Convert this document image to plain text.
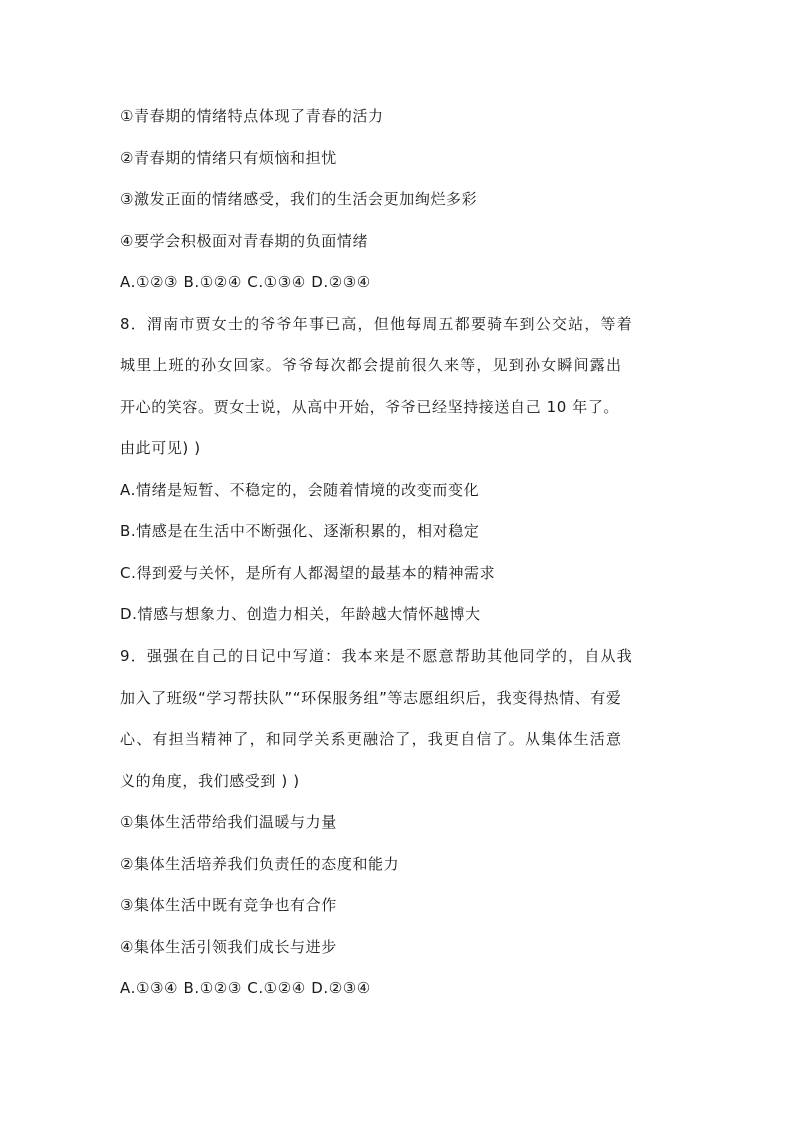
①青春期的情绪特点体现了青春的活力
②青春期的情绪只有烦恼和担忧
③激发正面的情绪感受，我们的生活会更加绚烂多彩
④要学会积极面对青春期的负面情绪
A.①②③ B.①②④ C.①③④ D.②③④
8．渭南市贾女士的爷爷年事已高，但他每周五都要骑车到公交站，等着
城里上班的孙女回家。爷爷每次都会提前很久来等，见到孙女瞬间露出
开心的笑容。贾女士说，从高中开始，爷爷已经坚持接送自己 10 年了。
由此可见) )
A.情绪是短暂、不稳定的，会随着情境的改变而变化
B.情感是在生活中不断强化、逐渐积累的，相对稳定
C.得到爱与关怀，是所有人都渴望的最基本的精神需求
D.情感与想象力、创造力相关，年龄越大情怀越博大
9．强强在自己的日记中写道：我本来是不愿意帮助其他同学的，自从我
加入了班级“学习帮扶队”“环保服务组”等志愿组织后，我变得热情、有爱
心、有担当精神了，和同学关系更融洽了，我更自信了。从集体生活意
义的角度，我们感受到 ) )
①集体生活带给我们温暖与力量
②集体生活培养我们负责任的态度和能力
③集体生活中既有竞争也有合作
④集体生活引领我们成长与进步
A.①③④ B.①②③ C.①②④ D.②③④
